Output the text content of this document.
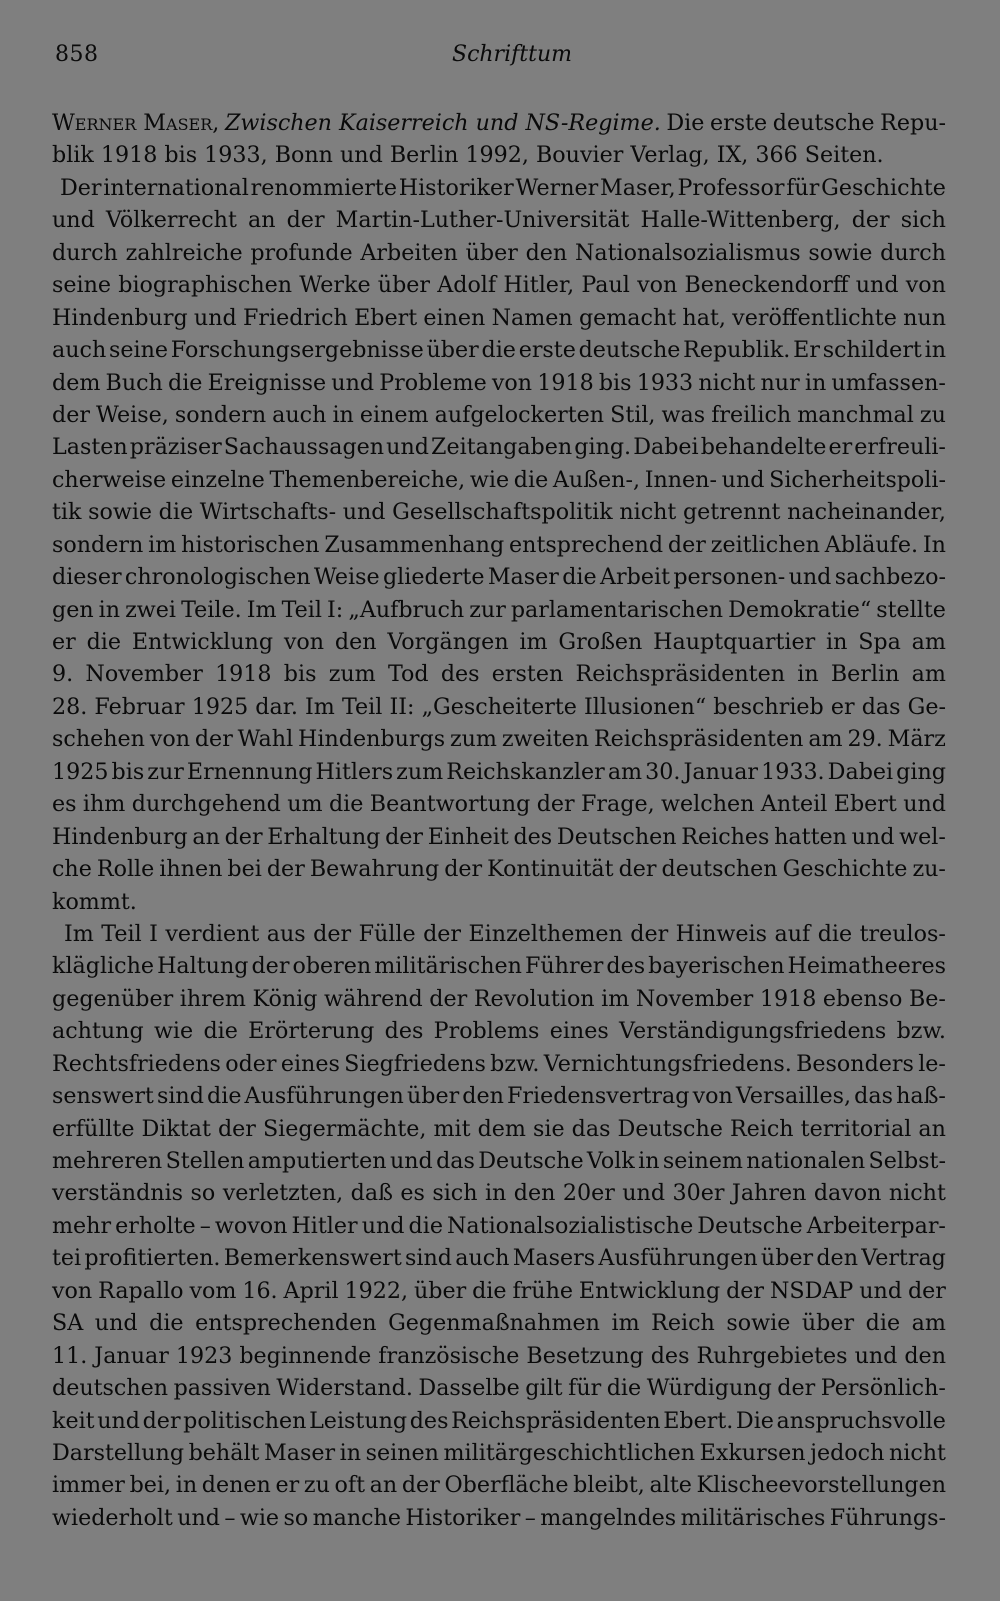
858	Schrifttum
Werner Maser, Zwischen Kaiserreich und NS-Regime. Die erste deutsche Repu-
blik 1918 bis 1933, Bonn und Berlin 1992, Bouvier Verlag, IX, 366 Seiten.
Der international renommierte Historiker Werner Maser, Professor für Geschichte
und Völkerrecht an der Martin-Luther-Universität Halle-Wittenberg, der sich
durch zahlreiche profunde Arbeiten über den Nationalsozialismus sowie durch
seine biographischen Werke über Adolf Hitler, Paul von Beneckendorff und von
Hindenburg und Friedrich Ebert einen Namen gemacht hat, veröffentlichte nun
auch seine Forschungsergebnisse über die erste deutsche Republik. Er schildert in
dem Buch die Ereignisse und Probleme von 1918 bis 1933 nicht nur in umfassen-
der Weise, sondern auch in einem aufgelockerten Stil, was freilich manchmal zu
Lasten präziser Sachaussagen und Zeitangaben ging. Dabei behandelte er erfreuli-
cherweise einzelne Themenbereiche, wie die Außen-, Innen- und Sicherheitspoli-
tik sowie die Wirtschafts- und Gesellschaftspolitik nicht getrennt nacheinander,
sondern im historischen Zusammenhang entsprechend der zeitlichen Abläufe. In
dieser chronologischen Weise gliederte Maser die Arbeit personen- und sachbezo-
gen in zwei Teile. Im Teil I: „Aufbruch zur parlamentarischen Demokratie“ stellte
er die Entwicklung von den Vorgängen im Großen Hauptquartier in Spa am
9. November 1918 bis zum Tod des ersten Reichspräsidenten in Berlin am
28. Februar 1925 dar. Im Teil II: „Gescheiterte Illusionen“ beschrieb er das Ge-
schehen von der Wahl Hindenburgs zum zweiten Reichspräsidenten am 29. März
1925 bis zur Ernennung Hitlers zum Reichskanzler am 30. Januar 1933. Dabei ging
es ihm durchgehend um die Beantwortung der Frage, welchen Anteil Ebert und
Hindenburg an der Erhaltung der Einheit des Deutschen Reiches hatten und wel-
che Rolle ihnen bei der Bewahrung der Kontinuität der deutschen Geschichte zu-
kommt.
Im Teil I verdient aus der Fülle der Einzelthemen der Hinweis auf die treulos-
klägliche Haltung der oberen militärischen Führer des bayerischen Heimatheeres
gegenüber ihrem König während der Revolution im November 1918 ebenso Be-
achtung wie die Erörterung des Problems eines Verständigungsfriedens bzw.
Rechtsfriedens oder eines Siegfriedens bzw. Vernichtungsfriedens. Besonders le-
senswert sind die Ausführungen über den Friedensvertrag von Versailles, das haß-
erfüllte Diktat der Siegermächte, mit dem sie das Deutsche Reich territorial an
mehreren Stellen amputierten und das Deutsche Volk in seinem nationalen Selbst-
verständnis so verletzten, daß es sich in den 20er und 30er Jahren davon nicht
mehr erholte – wovon Hitler und die Nationalsozialistische Deutsche Arbeiterpar-
tei profitierten. Bemerkenswert sind auch Masers Ausführungen über den Vertrag
von Rapallo vom 16. April 1922, über die frühe Entwicklung der NSDAP und der
SA und die entsprechenden Gegenmaßnahmen im Reich sowie über die am
11. Januar 1923 beginnende französische Besetzung des Ruhrgebietes und den
deutschen passiven Widerstand. Dasselbe gilt für die Würdigung der Persönlich-
keit und der politischen Leistung des Reichspräsidenten Ebert. Die anspruchsvolle
Darstellung behält Maser in seinen militärgeschichtlichen Exkursen jedoch nicht
immer bei, in denen er zu oft an der Oberfläche bleibt, alte Klischeevorstellungen
wiederholt und – wie so manche Historiker – mangelndes militärisches Führungs-
